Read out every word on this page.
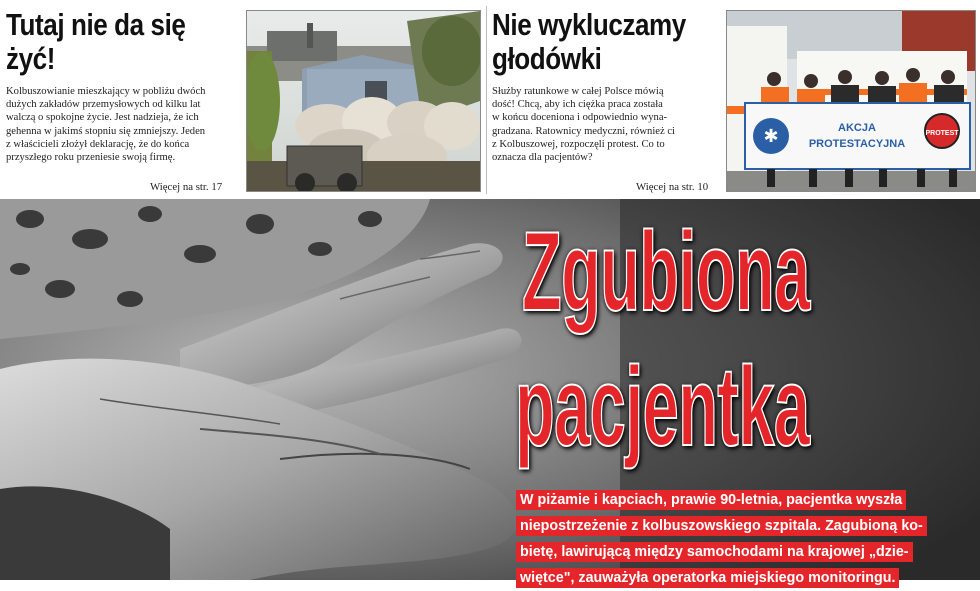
Tutaj nie da się
żyć!
Kolbuszowianie mieszkający w pobliżu dwóch
dużych zakładów przemysłowych od kilku lat
walczą o spokojne życie. Jest nadzieja, że ich
gehenna w jakimś stopniu się zmniejszy. Jeden
z właścicieli złożył deklarację, że do końca
przyszłego roku przeniesie swoją firmę.
Więcej na str. 17
Nie wykluczamy
głodówki
Służby ratunkowe w całej Polsce mówią
dość! Chcą, aby ich ciężka praca została
w końcu doceniona i odpowiednio wyna-
gradzana. Ratownicy medyczni, również ci
z Kolbuszowej, rozpoczęli protest. Co to
oznacza dla pacjentów?
Więcej na str. 10
✱	AKCJA
PROTESTACYJNA
PROTEST
Zgubiona
pacjentka
W piżamie i kapciach, prawie 90-letnia, pacjentka wyszła
niepostrzeżenie z kolbuszowskiego szpitala. Zagubioną ko-
bietę, lawirującą między samochodami na krajowej „dzie-
więtce", zauważyła operatorka miejskiego monitoringu.
